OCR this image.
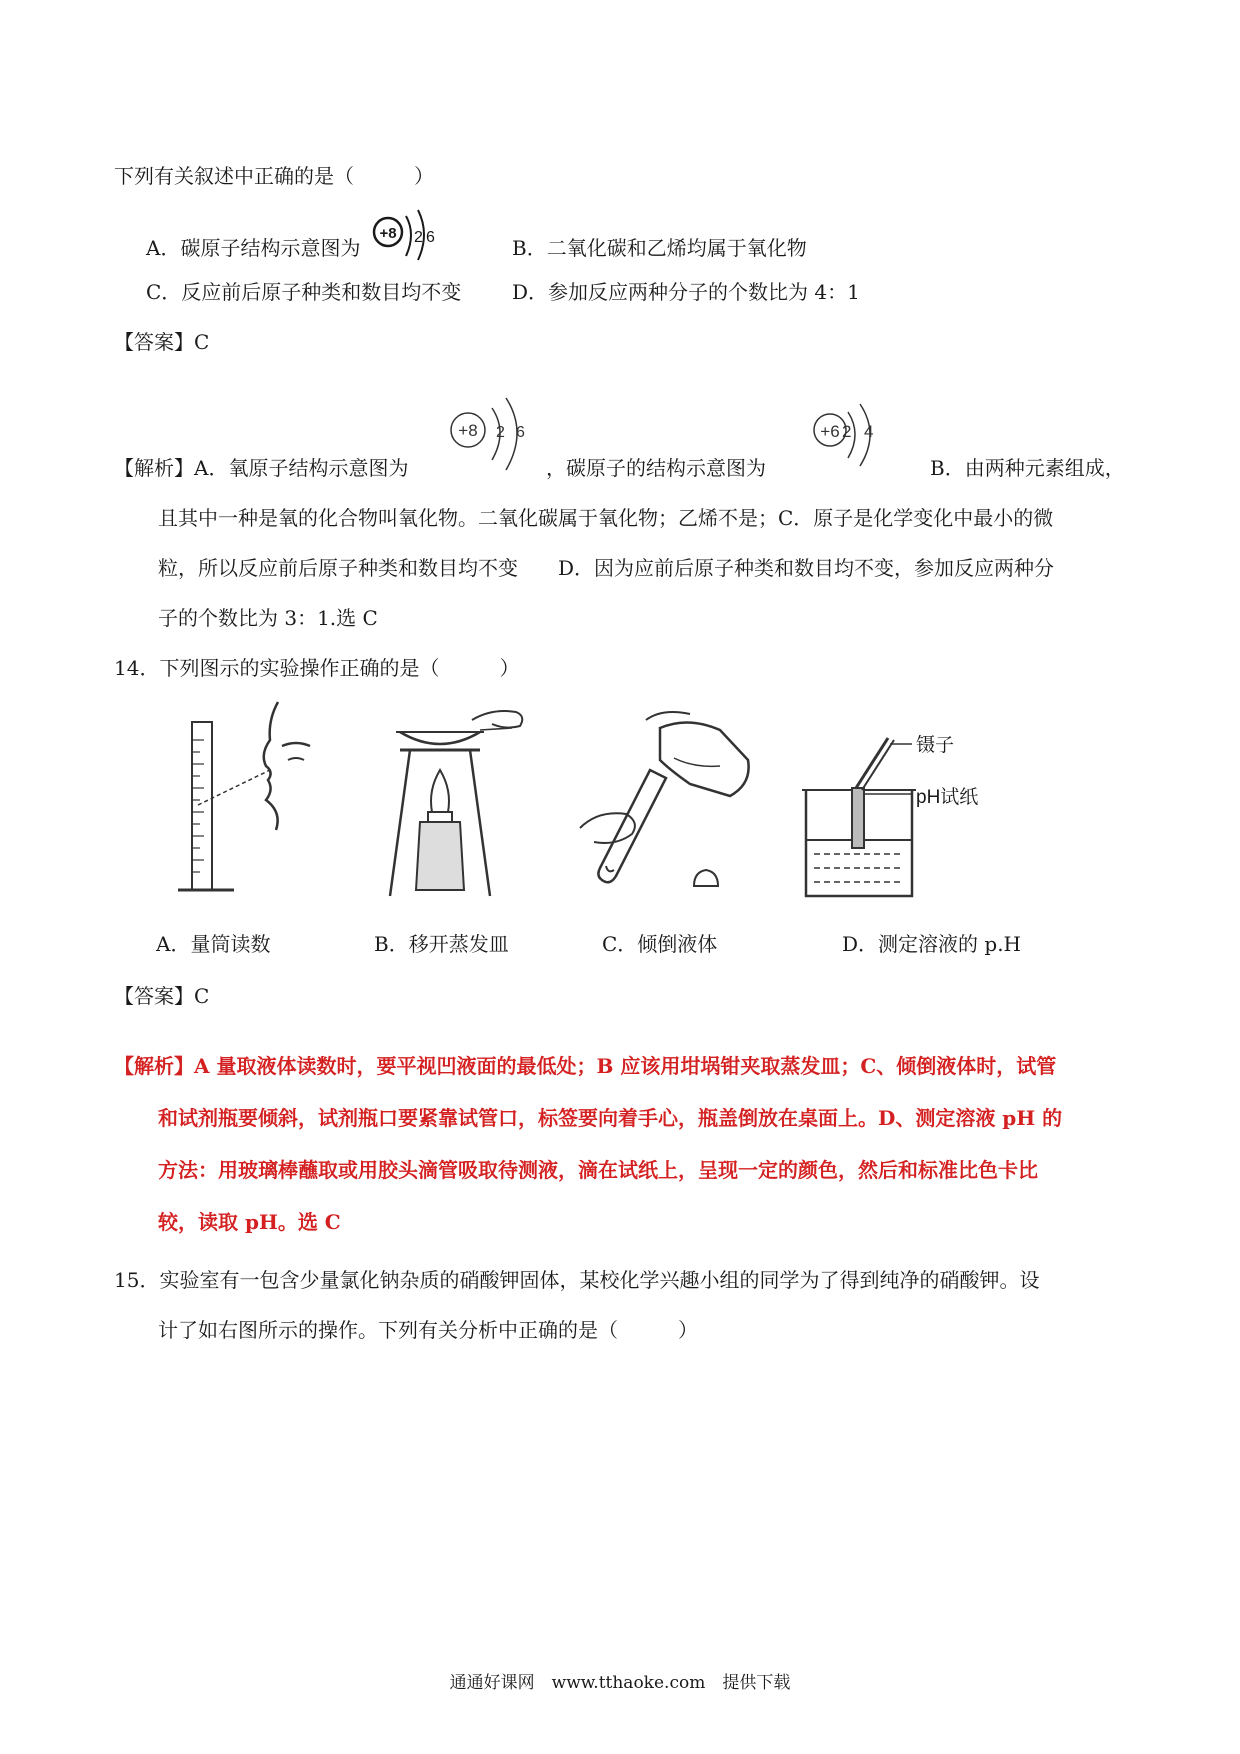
下列有关叙述中正确的是（　　　）
A．碳原子结构示意图为
+8 2 6	B．二氧化碳和乙烯均属于氧化物
C．反应前后原子种类和数目均不变	D．参加反应两种分子的个数比为 4：1
【答案】C
+8 2 6	+6 2 4
【解析】A．氧原子结构示意图为	，碳原子的结构示意图为	B．由两种元素组成，
且其中一种是氧的化合物叫氧化物。二氧化碳属于氧化物；乙烯不是；C．原子是化学变化中最小的微
粒，所以反应前后原子种类和数目均不变　　D．因为应前后原子种类和数目均不变，参加反应两种分
子的个数比为 3：1.选 C
14．下列图示的实验操作正确的是（　　　）
镊子
pH试纸
A．量筒读数	B．移开蒸发皿	C．倾倒液体	D．测定溶液的 p.H
【答案】C
【解析】A 量取液体读数时，要平视凹液面的最低处；B 应该用坩埚钳夹取蒸发皿；C、倾倒液体时，试管
和试剂瓶要倾斜，试剂瓶口要紧靠试管口，标签要向着手心，瓶盖倒放在桌面上。D、测定溶液 pH 的
方法：用玻璃棒蘸取或用胶头滴管吸取待测液，滴在试纸上，呈现一定的颜色，然后和标准比色卡比
较，读取 pH。选 C
15．实验室有一包含少量氯化钠杂质的硝酸钾固体，某校化学兴趣小组的同学为了得到纯净的硝酸钾。设
计了如右图所示的操作。下列有关分析中正确的是（　　　）
通通好课网　www.tthaoke.com　提供下载
